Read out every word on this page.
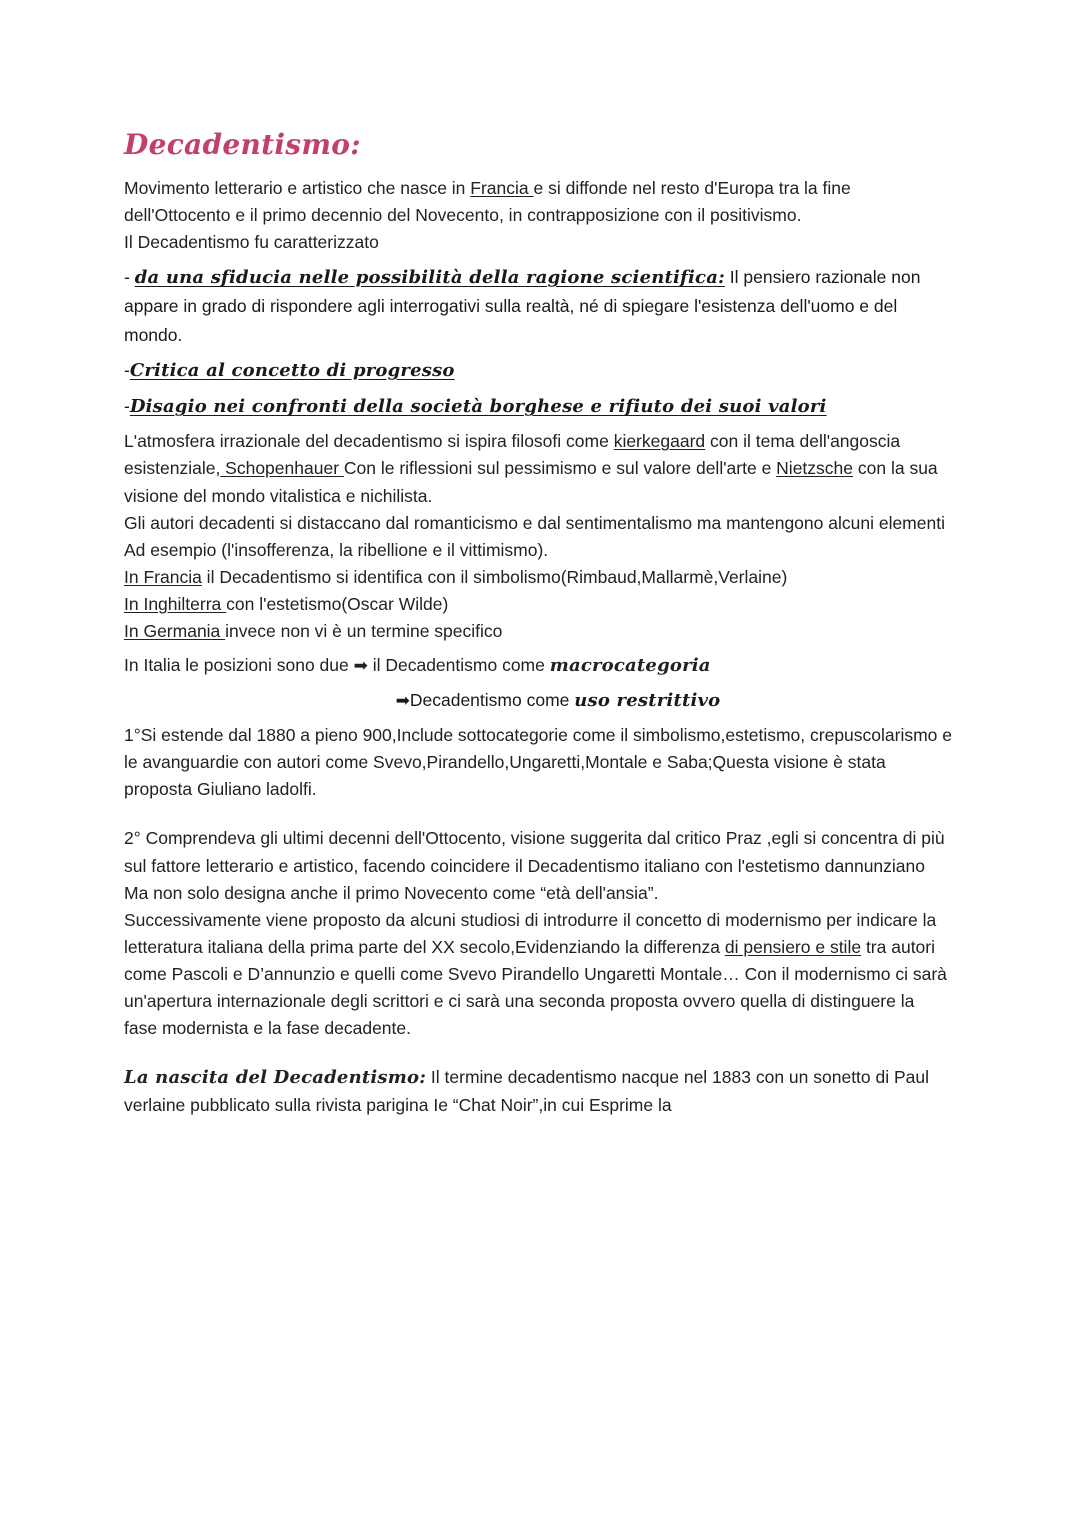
Decadentismo:

Movimento letterario e artistico che nasce in Francia e si diffonde nel resto d'Europa tra la fine dell'Ottocento e il primo decennio del Novecento, in contrapposizione con il positivismo.

Il Decadentismo fu caratterizzato

- da una sfiducia nelle possibilità della ragione scientifica: Il pensiero razionale non appare in grado di rispondere agli interrogativi sulla realtà, né di spiegare l'esistenza dell'uomo e del mondo.

-Critica al concetto di progresso

-Disagio nei confronti della società borghese e rifiuto dei suoi valori

L'atmosfera irrazionale del decadentismo si ispira filosofi come kierkegaard con il tema dell'angoscia esistenziale, Schopenhauer Con le riflessioni sul pessimismo e sul valore dell'arte e Nietzsche con la sua visione del mondo vitalistica e nichilista.

Gli autori decadenti si distaccano dal romanticismo e dal sentimentalismo ma mantengono alcuni elementi Ad esempio (l'insofferenza, la ribellione e il vittimismo).

In Francia il Decadentismo si identifica con il simbolismo(Rimbaud,Mallarmè,Verlaine)

In Inghilterra con l'estetismo(Oscar Wilde)

In Germania invece non vi è un termine specifico

In Italia le posizioni sono due ➡ il Decadentismo come macrocategoria

➡Decadentismo come uso restrittivo

1°Si estende dal 1880 a pieno 900,Include sottocategorie come il simbolismo,estetismo, crepuscolarismo e le avanguardie con autori come Svevo,Pirandello,Ungaretti,Montale e Saba;Questa visione è stata proposta Giuliano ladolfi.

2° Comprendeva gli ultimi decenni dell'Ottocento, visione suggerita dal critico Praz ,egli si concentra di più sul fattore letterario e artistico, facendo coincidere il Decadentismo italiano con l'estetismo dannunziano Ma non solo designa anche il primo Novecento come “età dell'ansia”.

Successivamente viene proposto da alcuni studiosi di introdurre il concetto di modernismo per indicare la letteratura italiana della prima parte del XX secolo,Evidenziando la differenza di pensiero e stile tra autori come Pascoli e D’annunzio e quelli come Svevo Pirandello Ungaretti Montale… Con il modernismo ci sarà un'apertura internazionale degli scrittori e ci sarà una seconda proposta ovvero quella di distinguere la fase modernista e la fase decadente.

La nascita del Decadentismo: Il termine decadentismo nacque nel 1883 con un sonetto di Paul verlaine pubblicato sulla rivista parigina Ie “Chat Noir”,in cui Esprime la
